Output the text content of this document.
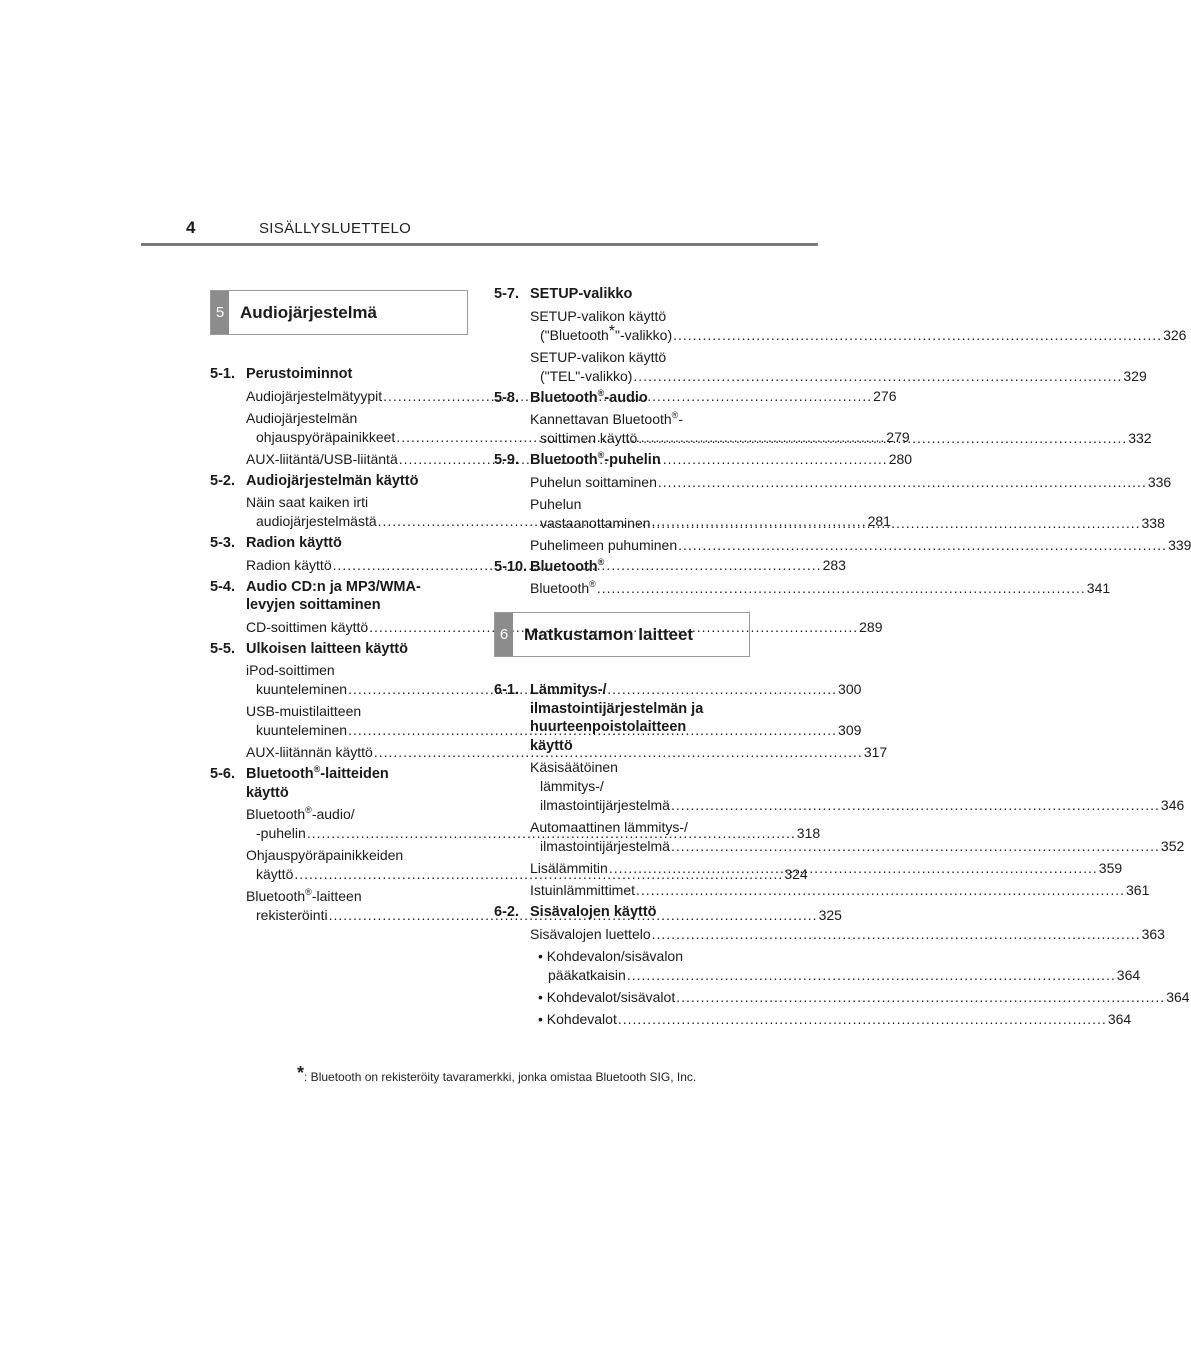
4	SISÄLLYSLUETTELO
5 Audiojärjestelmä
5-1. Perustoiminnot
Audiojärjestelmätyypit .....	276
Audiojärjestelmän
ohjauspyöräpainikkeet .....	279
AUX-liitäntä/USB-liitäntä .....	280
5-2. Audiojärjestelmän käyttö
Näin saat kaiken irti
audiojärjestelmästä .....	281
5-3. Radion käyttö
Radion käyttö .....	283
5-4. Audio CD:n ja MP3/WMA-
levyjen soittaminen
CD-soittimen käyttö .....	289
5-5. Ulkoisen laitteen käyttö
iPod-soittimen
kuunteleminen .....	300
USB-muistilaitteen
kuunteleminen .....	309
AUX-liitännän käyttö .....	317
5-6. Bluetooth®-laitteiden
käyttö
Bluetooth®-audio/
-puhelin .....	318
Ohjauspyöräpainikkeiden
käyttö .....	324
Bluetooth®-laitteen
rekisteröinti .....	325
5-7. SETUP-valikko
SETUP-valikon käyttö
("Bluetooth*"-valikko) .....	326
SETUP-valikon käyttö
("TEL"-valikko) .....	329
5-8. Bluetooth®-audio
Kannettavan Bluetooth®-
soittimen käyttö .....	332
5-9. Bluetooth®-puhelin
Puhelun soittaminen .....	336
Puhelun
vastaanottaminen .....	338
Puhelimeen puhuminen .....	339
5-10. Bluetooth®
Bluetooth® .....	341
6 Matkustamon laitteet
6-1. Lämmitys-/
ilmastointijärjestelmän ja
huurteenpoistolaitteen
käyttö
Käsisäätöinen
lämmitys-/
ilmastointijärjestelmä .....	346
Automaattinen lämmitys-/
ilmastointijärjestelmä .....	352
Lisälämmitin .....	359
Istuinlämmittimet .....	361
6-2. Sisävalojen käyttö
Sisävalojen luettelo .....	363
• Kohdevalon/sisävalon
pääkatkaisin .....	364
• Kohdevalot/sisävalot .....	364
• Kohdevalot .....	364
*: Bluetooth on rekisteröity tavaramerkki, jonka omistaa Bluetooth SIG, Inc.
